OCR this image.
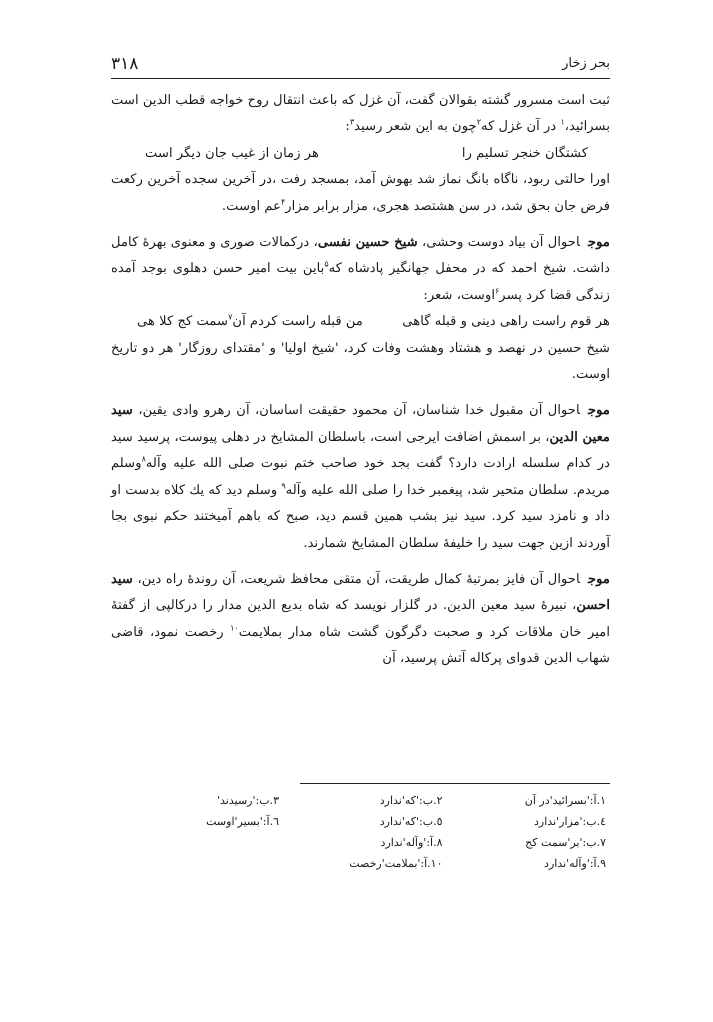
۳۱۸	بحر زخار

ثبت است مسرور گشته بقوالان گفت، آن غزل که باعث انتقال روح خواجه قطب الدین است بسرائید،$^۱$ در آن غزل که$^۲$چون به این شعر رسید$^۳$:

کشتگان خنجر تسلیم را
هر زمان از غیب جان دیگر است

اورا حالتی ربود، ناگاه بانگ نماز شد بهوش آمد، بمسجد رفت ،در آخرین سجده آخرین رکعت فرض جان بحق شد، در سن هشتصد هجری، مزار برابر مزار$^۴$عم اوست.

موجاحوال آن بیاد دوست وحشی، شیخ حسین نفسی، درکمالات صوری و معنوی بهرهٔ کامل داشت. شیخ احمد که در محفل جهانگیر پادشاه که$^۵$باین بیت امیر حسن دهلوی بوجد آمده زندگی قضا کرد پسر$^۶$اوست، شعر:

هر قوم راست راهی دینی و قبله گاهی
من قبله راست کردم آن$^۷$سمت کج کلا هی

شیخ حسین در نهصد و هشتاد وهشت وفات کرد، 'شیخ اولیا' و 'مقتدای روزگار' هر دو تاریخ اوست.

موجاحوال آن مقبول خدا شناسان، آن محمود حقیقت اساسان، آن رهرو وادی یقین، سید معین الدین، بر اسمش اضافت ایرجی است، باسلطان المشایخ در دهلی پیوست، پرسید سید در کدام سلسله ارادت دارد؟ گفت بجد خود صاحب ختم نبوت صلی الله علیه وآله$^۸$وسلم مریدم. سلطان متحیر شد، پیغمبر خدا را صلی الله علیه وآله$^۹$ وسلم دید که یك کلاه بدست او داد و نامزد سید کرد. سید نیز بشب همین قسم دید، صبح که باهم آمیختند حکم نبوی بجا آوردند ازین جهت سید را خلیفهٔ سلطان المشایخ شمارند.

موجاحوال آن فایز بمرتبهٔ کمال طریقت، آن متقی محافظ شریعت، آن روندهٔ راه دین، سید احسن، نبیرهٔ سید معین الدین. در گلزار نویسد که شاه بدیع الدین مدار را درکالپی از گفتهٔ امیر خان ملاقات کرد و صحبت دگرگون گشت شاه مدار بملایمت$^{۱۰}$ رخصت نمود، قاضی شهاب الدین قدوای پرکاله آتش پرسید، آن

۱.آ:'بسرائید'در آن
۲.ب:'که'ندارد
۳.ب:'رسیدند'
٤.ب:'مزار'ندارد
٥.ب:'که'ندارد
٦.آ:'بسیر'اوست
۷.ب:'بر'سمت کج
۸.آ:'وآله'ندارد
۹.آ:'وآله'ندارد
۱۰.آ:'بملامت'رخصت
